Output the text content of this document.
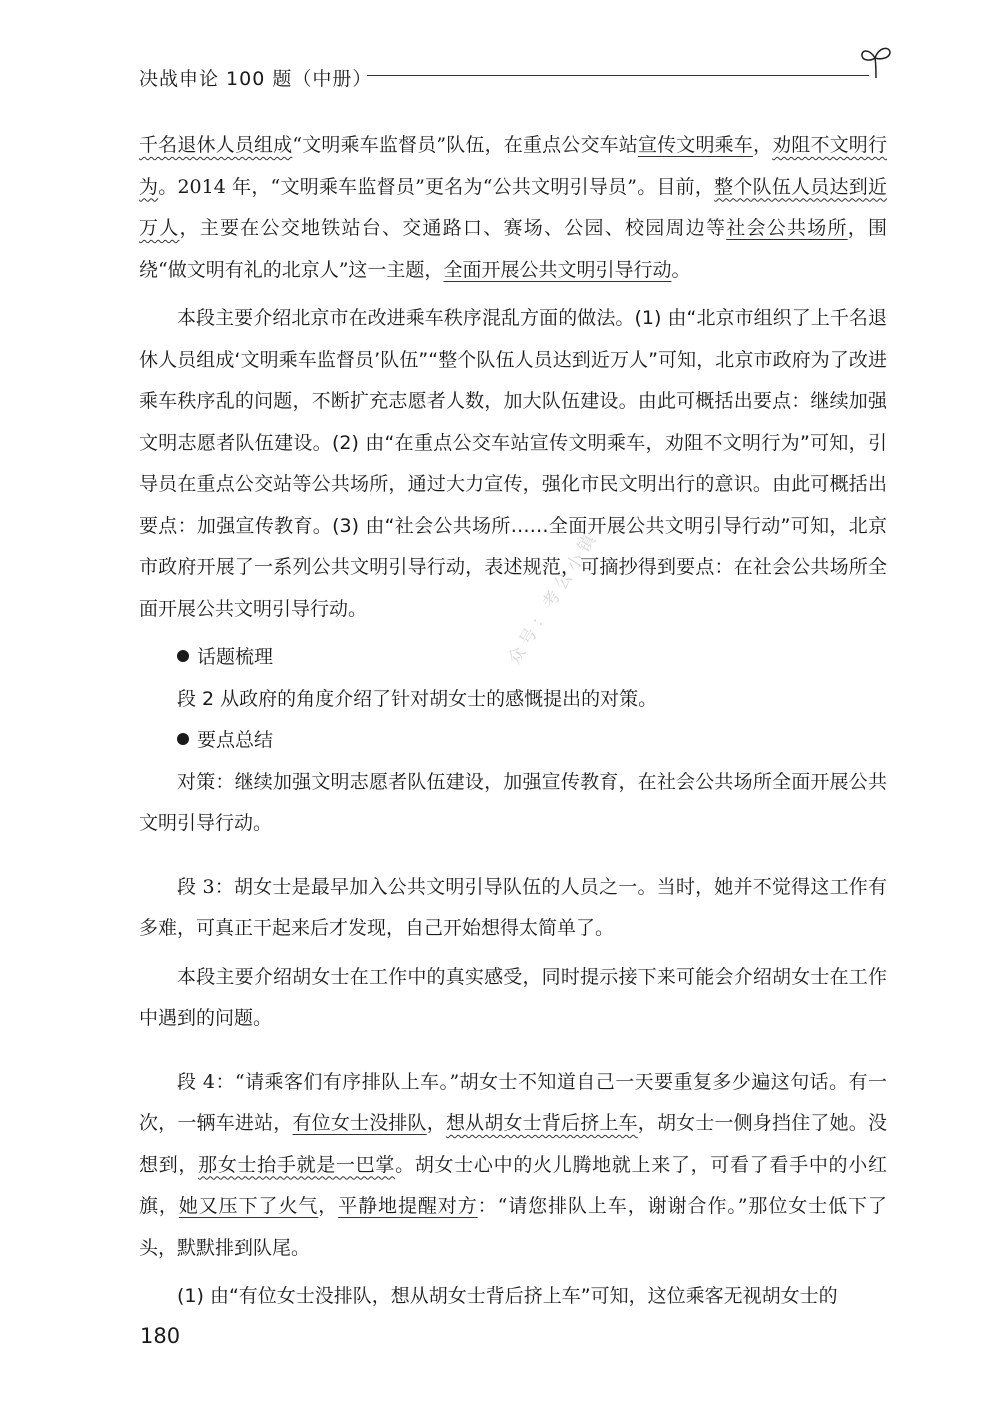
决战申论 100 题（中册）
众号：考公小镇

千名退休人员组成“文明乘车监督员”队伍，在重点公交车站宣传文明乘车，劝阻不文明行为。2014 年，“文明乘车监督员”更名为“公共文明引导员”。目前，整个队伍人员达到近万人，主要在公交地铁站台、交通路口、赛场、公园、校园周边等社会公共场所，围绕“做文明有礼的北京人”这一主题，全面开展公共文明引导行动。

本段主要介绍北京市在改进乘车秩序混乱方面的做法。(1) 由“北京市组织了上千名退休人员组成‘文明乘车监督员’队伍”“整个队伍人员达到近万人”可知，北京市政府为了改进乘车秩序乱的问题，不断扩充志愿者人数，加大队伍建设。由此可概括出要点：继续加强文明志愿者队伍建设。(2) 由“在重点公交车站宣传文明乘车，劝阻不文明行为”可知，引导员在重点公交站等公共场所，通过大力宣传，强化市民文明出行的意识。由此可概括出要点：加强宣传教育。(3) 由“社会公共场所……全面开展公共文明引导行动”可知，北京市政府开展了一系列公共文明引导行动，表述规范，可摘抄得到要点：在社会公共场所全面开展公共文明引导行动。

话题梳理

段 2 从政府的角度介绍了针对胡女士的感慨提出的对策。

要点总结

对策：继续加强文明志愿者队伍建设，加强宣传教育，在社会公共场所全面开展公共文明引导行动。

段 3：胡女士是最早加入公共文明引导队伍的人员之一。当时，她并不觉得这工作有多难，可真正干起来后才发现，自己开始想得太简单了。

本段主要介绍胡女士在工作中的真实感受，同时提示接下来可能会介绍胡女士在工作中遇到的问题。

段 4：“请乘客们有序排队上车。”胡女士不知道自己一天要重复多少遍这句话。有一次，一辆车进站，有位女士没排队，想从胡女士背后挤上车，胡女士一侧身挡住了她。没想到，那女士抬手就是一巴掌。胡女士心中的火儿腾地就上来了，可看了看手中的小红旗，她又压下了火气，平静地提醒对方：“请您排队上车，谢谢合作。”那位女士低下了头，默默排到队尾。

(1) 由“有位女士没排队，想从胡女士背后挤上车”可知，这位乘客无视胡女士的

180
